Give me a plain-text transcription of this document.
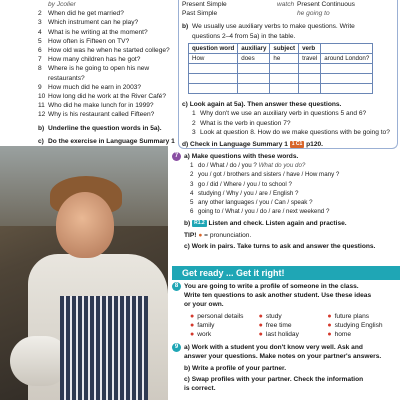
by Jcolier
2 When did he get married?
3 Which instrument can he play?
4 What is he writing at the moment?
5 How often is Fifteen on TV?
6 How old was he when he started college?
7 How many children has he got?
8 Where is he going to open his new
restaurants?
9 How much did he earn in 2003?
10 How long did he work at the River Café?
11 Who did he make lunch for in 1999?
12 Why is his restaurant called Fifteen?
b) Underline the question words in 5a).
c) Do the exercise in Language Summary 1

Present Simple	watch Present Continuous
Past Simple	he going to
b) We usually use auxiliary verbs to make questions. Write
questions 2–4 from 5a) in the table.
question word	auxiliary	subject	verb	
How	does	he	travel	around London?

c) Look again at 5a). Then answer these questions.
1 Why don't we use an auxiliary verb in questions 5 and 6?
2 What is the verb in question 7?
3 Look at question 8. How do we make questions with be going to?
d) Check in Language Summary 1 1 C1 p120.
7 a) Make questions with these words.
1 do / What / do / you ?
What do you do?
2 you / got / brothers and sisters / have / How many ?
3 go / did / Where / you / to school ?
4 studying / Why / you / are / English ?
5 any other languages / you / Can / speak ?
6 going to / What / you / do / are / next weekend ?
b) R1.2 Listen and check. Listen again and practise.
TIP! ● = pronunciation.
c) Work in pairs. Take turns to ask and answer the questions.
Get ready ... Get it right!
8 You are going to write a profile of someone in the class.
Write ten questions to ask another student. Use these ideas
or your own.
● personal details
● family
● work
● study
● free time
● last holiday
● future plans
● studying English
● home
9 a) Work with a student you don't know very well. Ask and
answer your questions. Make notes on your partner's answers.
b) Write a profile of your partner.
c) Swap profiles with your partner. Check the information
is correct.
